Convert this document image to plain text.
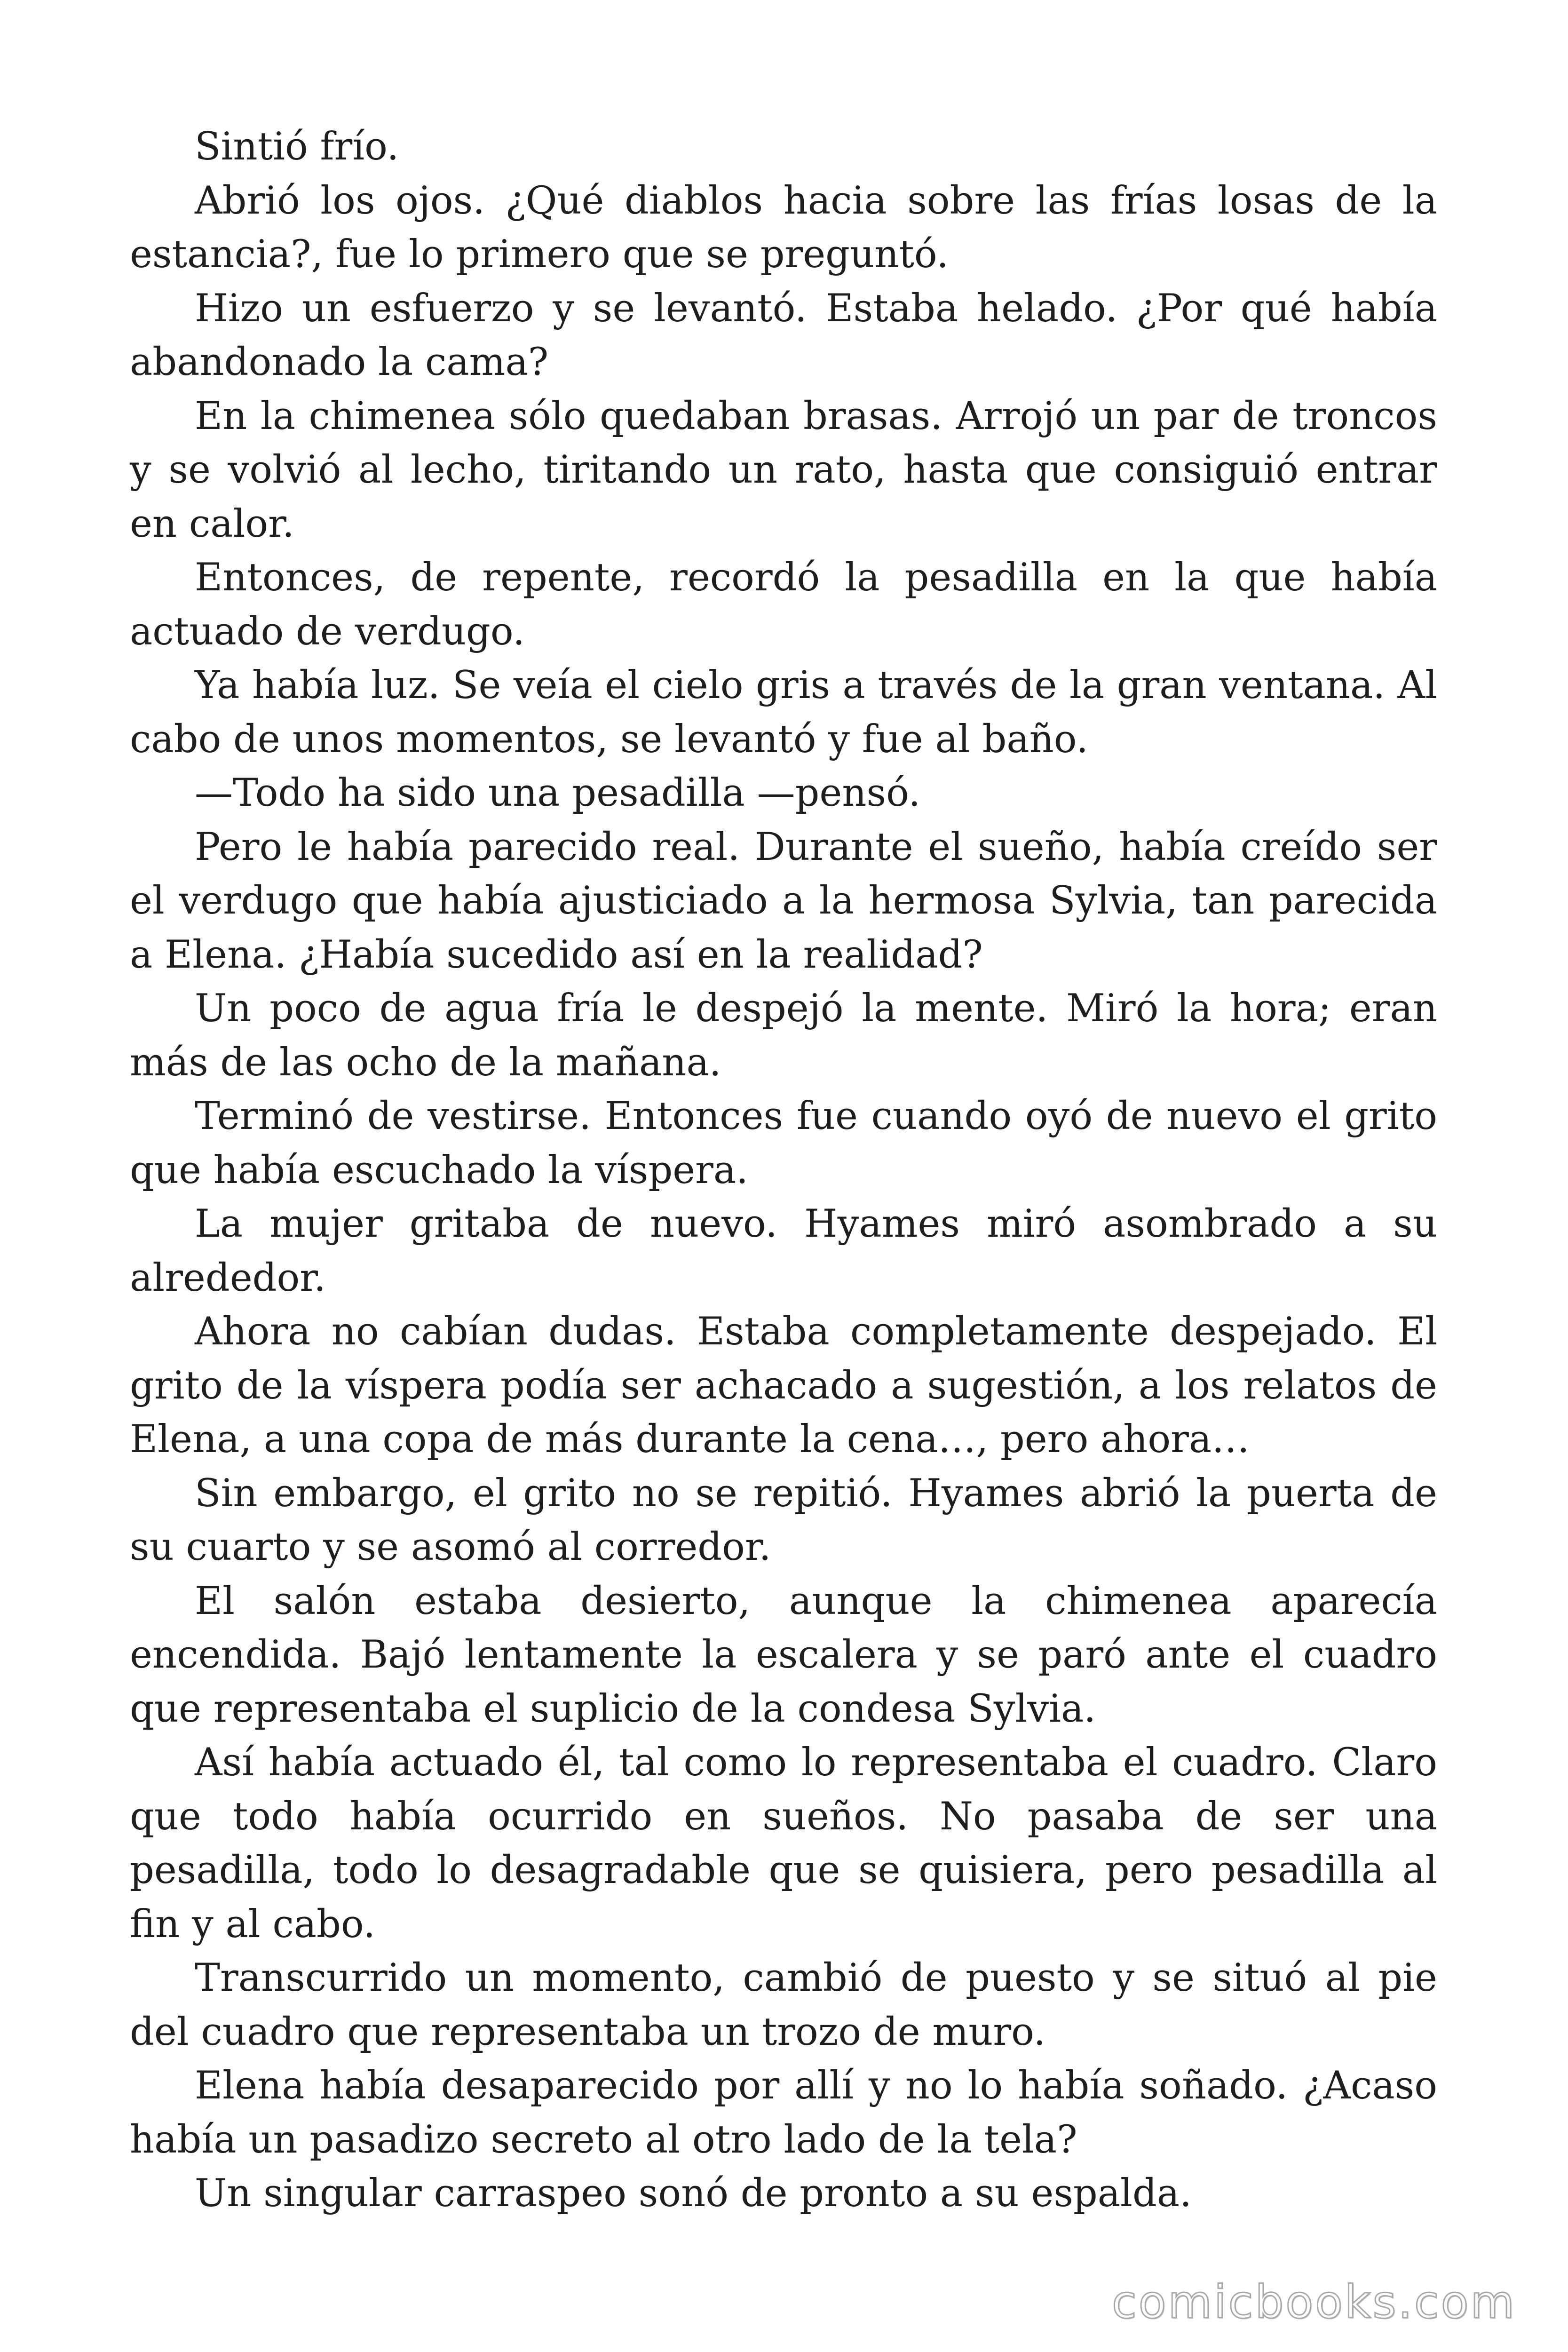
Sintió frío.

Abrió los ojos. ¿Qué diablos hacia sobre las frías losas de la estancia?, fue lo primero que se preguntó.

Hizo un esfuerzo y se levantó. Estaba helado. ¿Por qué había abandonado la cama?

En la chimenea sólo quedaban brasas. Arrojó un par de troncos y se volvió al lecho, tiritando un rato, hasta que consiguió entrar en calor.

Entonces, de repente, recordó la pesadilla en la que había actuado de verdugo.

Ya había luz. Se veía el cielo gris a través de la gran ventana. Al cabo de unos momentos, se levantó y fue al baño.

—Todo ha sido una pesadilla —pensó.

Pero le había parecido real. Durante el sueño, había creído ser el verdugo que había ajusticiado a la hermosa Sylvia, tan parecida a Elena. ¿Había sucedido así en la realidad?

Un poco de agua fría le despejó la mente. Miró la hora; eran más de las ocho de la mañana.

Terminó de vestirse. Entonces fue cuando oyó de nuevo el grito que había escuchado la víspera.

La mujer gritaba de nuevo. Hyames miró asombrado a su alrededor.

Ahora no cabían dudas. Estaba completamente despejado. El grito de la víspera podía ser achacado a sugestión, a los relatos de Elena, a una copa de más durante la cena…, pero ahora…

Sin embargo, el grito no se repitió. Hyames abrió la puerta de su cuarto y se asomó al corredor.

El salón estaba desierto, aunque la chimenea aparecía encendida. Bajó lentamente la escalera y se paró ante el cuadro que representaba el suplicio de la condesa Sylvia.

Así había actuado él, tal como lo representaba el cuadro. Claro que todo había ocurrido en sueños. No pasaba de ser una pesadilla, todo lo desagradable que se quisiera, pero pesadilla al fin y al cabo.

Transcurrido un momento, cambió de puesto y se situó al pie del cuadro que representaba un trozo de muro.

Elena había desaparecido por allí y no lo había soñado. ¿Acaso había un pasadizo secreto al otro lado de la tela?

Un singular carraspeo sonó de pronto a su espalda.

comicbooks.com
